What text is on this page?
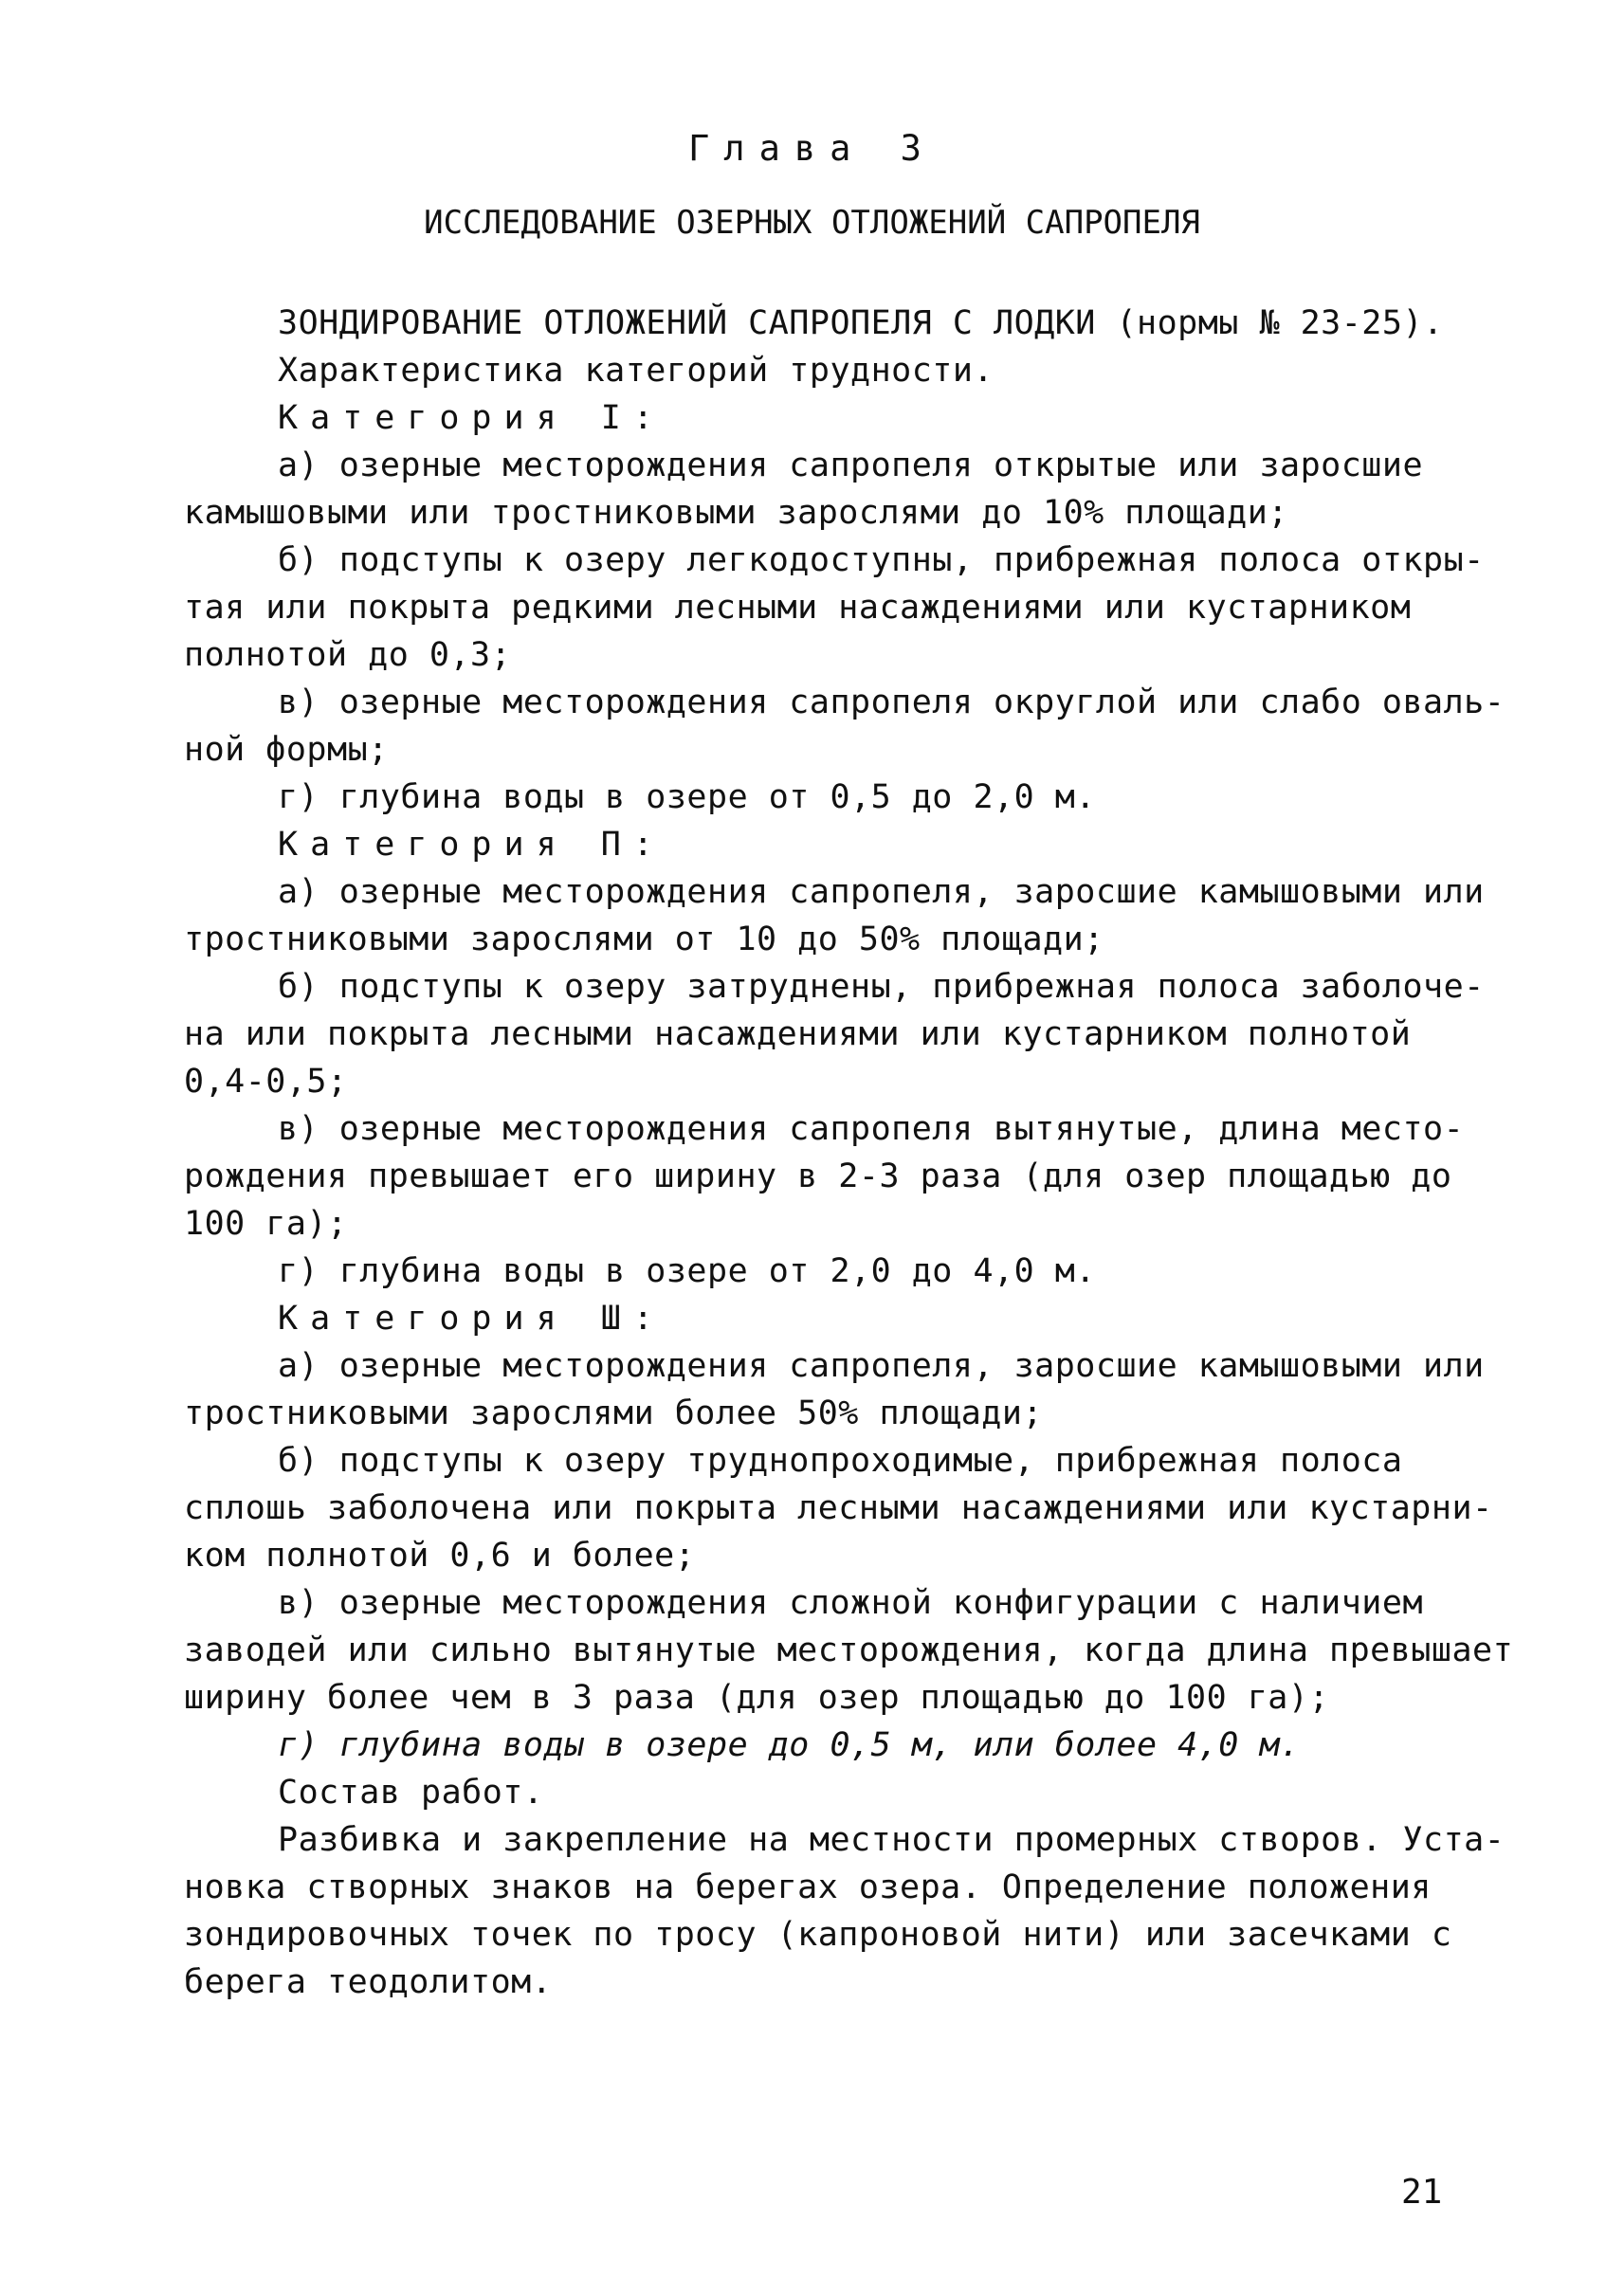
Глава 3
ИССЛЕДОВАНИЕ ОЗЕРНЫХ ОТЛОЖЕНИЙ САПРОПЕЛЯ
ЗОНДИРОВАНИЕ ОТЛОЖЕНИЙ САПРОПЕЛЯ С ЛОДКИ (нормы № 23-25).
Характеристика категорий трудности.
Категория I:
а) озерные месторождения сапропеля открытые или заросшие
камышовыми или тростниковыми зарослями до 10% площади;
б) подступы к озеру легкодоступны, прибрежная полоса откры-
тая или покрыта редкими лесными насаждениями или кустарником
полнотой до 0,3;
в) озерные месторождения сапропеля округлой или слабо оваль-
ной формы;
г) глубина воды в озере от 0,5 до 2,0 м.
Категория П:
а) озерные месторождения сапропеля, заросшие камышовыми или
тростниковыми зарослями от 10 до 50% площади;
б) подступы к озеру затруднены, прибрежная полоса заболоче-
на или покрыта лесными насаждениями или кустарником полнотой
0,4-0,5;
в) озерные месторождения сапропеля вытянутые, длина место-
рождения превышает его ширину в 2-3 раза (для озер площадью до
100 га);
г) глубина воды в озере от 2,0 до 4,0 м.
Категория Ш:
а) озерные месторождения сапропеля, заросшие камышовыми или
тростниковыми зарослями более 50% площади;
б) подступы к озеру труднопроходимые, прибрежная полоса
сплошь заболочена или покрыта лесными насаждениями или кустарни-
ком полнотой 0,6 и более;
в) озерные месторождения сложной конфигурации с наличием
заводей или сильно вытянутые месторождения, когда длина превышает
ширину более чем в 3 раза (для озер площадью до 100 га);
г) глубина воды в озере до 0,5 м, или более 4,0 м.
Состав работ.
Разбивка и закрепление на местности промерных створов. Уста-
новка створных знаков на берегах озера. Определение положения
зондировочных точек по тросу (капроновой нити) или засечками с
берега теодолитом.
21
